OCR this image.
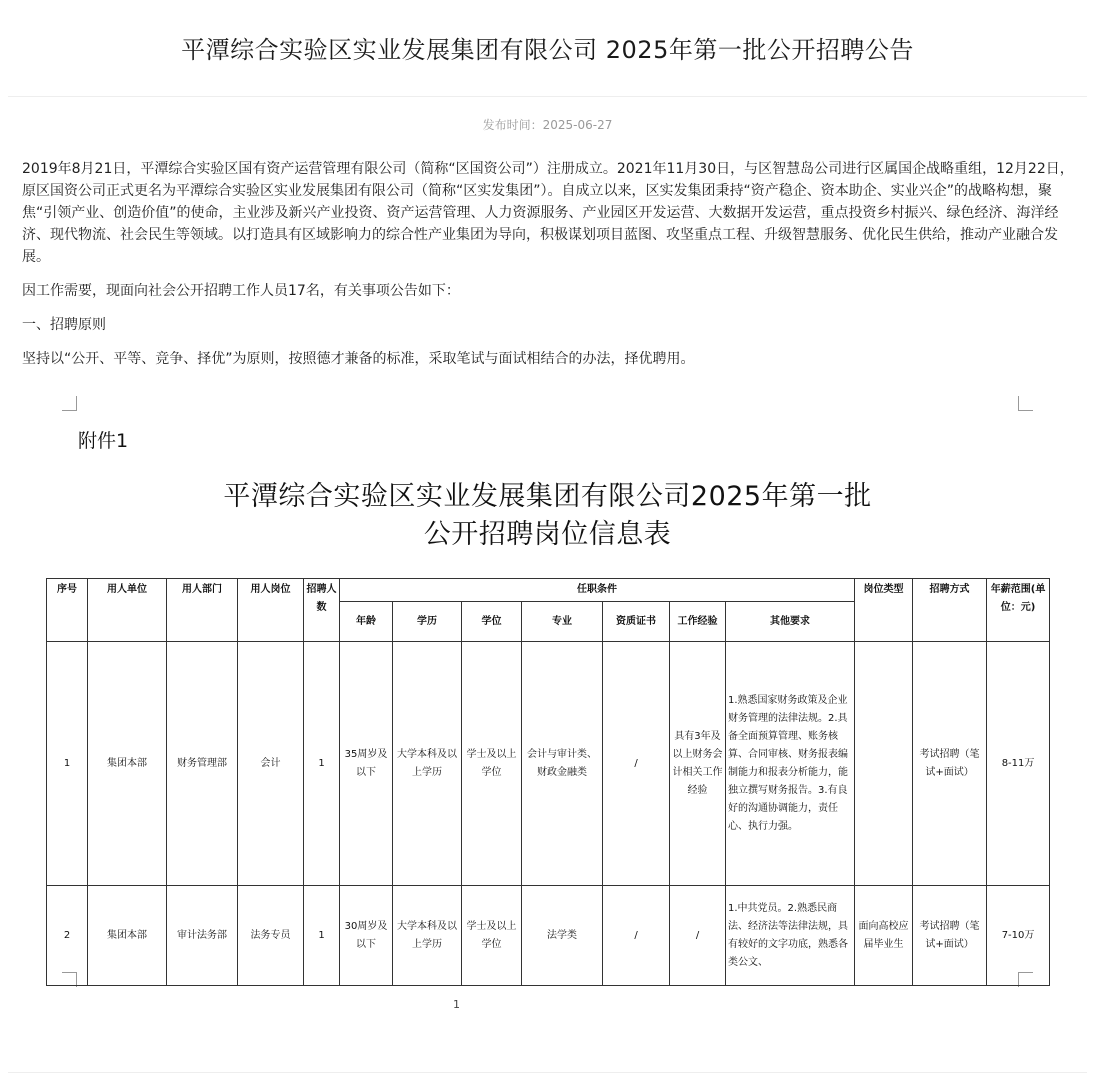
平潭综合实验区实业发展集团有限公司 2025年第一批公开招聘公告
发布时间：2025-06-27

2019年8月21日，平潭综合实验区国有资产运营管理有限公司（简称“区国资公司”）注册成立。2021年11月30日，与区智慧岛公司进行区属国企战略重组，12月22日，原区国资公司正式更名为平潭综合实验区实业发展集团有限公司（简称“区实发集团”）。自成立以来，区实发集团秉持“资产稳企、资本助企、实业兴企”的战略构想，聚焦“引领产业、创造价值”的使命，主业涉及新兴产业投资、资产运营管理、人力资源服务、产业园区开发运营、大数据开发运营，重点投资乡村振兴、绿色经济、海洋经济、现代物流、社会民生等领域。以打造具有区域影响力的综合性产业集团为导向，积极谋划项目蓝图、攻坚重点工程、升级智慧服务、优化民生供给，推动产业融合发展。

因工作需要，现面向社会公开招聘工作人员17名，有关事项公告如下：

一、招聘原则

坚持以“公开、平等、竞争、择优”为原则，按照德才兼备的标准，采取笔试与面试相结合的办法，择优聘用。

附件1
平潭综合实验区实业发展集团有限公司2025年第一批
公开招聘岗位信息表
序号	用人单位	用人部门	用人岗位	招聘人数	任职条件							岗位类型	招聘方式	年薪范围(单位：元)
					年龄	学历	学位	专业	资质证书	工作经验	其他要求			
1	集团本部	财务管理部	会计	1	35周岁及以下	大学本科及以上学历	学士及以上学位	会计与审计类、财政金融类	/	具有3年及以上财务会计相关工作经验	1.熟悉国家财务政策及企业财务管理的法律法规。2.具备全面预算管理、账务核算、合同审核、财务报表编制能力和报表分析能力，能独立撰写财务报告。3.有良好的沟通协调能力，责任心、执行力强。		考试招聘（笔试+面试）	8-11万
2	集团本部	审计法务部	法务专员	1	30周岁及以下	大学本科及以上学历	学士及以上学位	法学类	/	/	1.中共党员。2.熟悉民商法、经济法等法律法规，具有较好的文字功底，熟悉各类公文、	面向高校应届毕业生	考试招聘（笔试+面试）	7-10万
1
